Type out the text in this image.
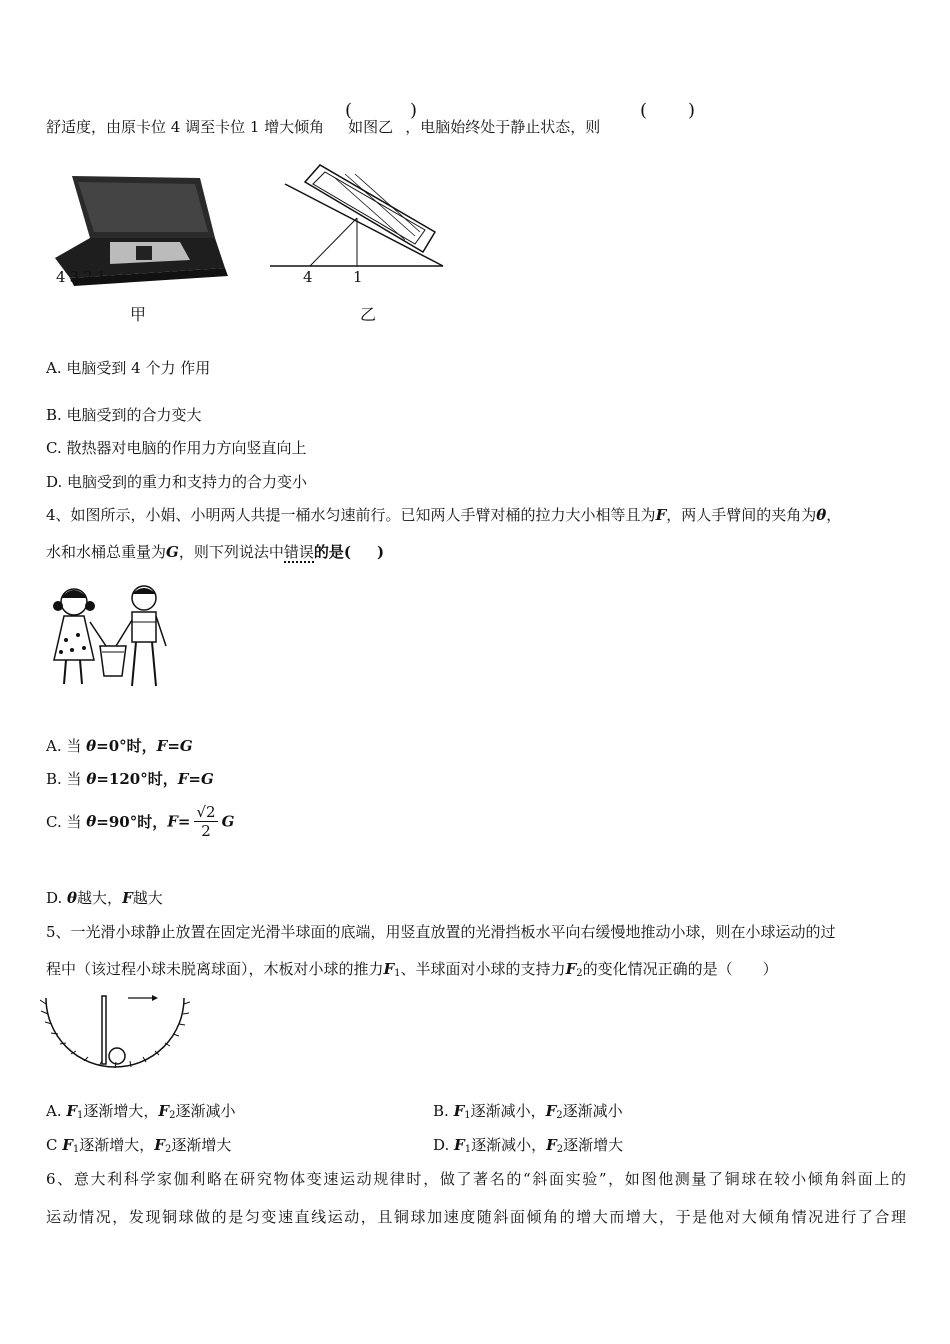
舒适度，由原卡位 4 调至卡位 1 增大倾角 如图乙 ，电脑始终处于静止状态，则
(	)	( )
4321
甲
4	1
乙
A. 电脑受到 4 个力 作用
B. 电脑受到的合力变大
C. 散热器对电脑的作用力方向竖直向上
D. 电脑受到的重力和支持力的合力变小
4、如图所示，小娟、小明两人共提一桶水匀速前行。已知两人手臂对桶的拉力大小相等且为F，两人手臂间的夹角为θ，
水和水桶总重量为G，则下列说法中错误的是( )
A. 当 θ=0°时，F=G
B. 当 θ=120°时，F=G
C. 当 θ=90°时，$F= \frac{√2}{2}$ G
D. θ越大，F越大
5、一光滑小球静止放置在固定光滑半球面的底端，用竖直放置的光滑挡板水平向右缓慢地推动小球，则在小球运动的过
程中（该过程小球未脱离球面），木板对小球的推力$F_1$、半球面对小球的支持力$F_2$的变化情况正确的是（ ）
A. $F_1$逐渐增大，$F_2$逐渐减小	B. $F_1$逐渐减小，$F_2$逐渐减小
C $F_1$逐渐增大，$F_2$逐渐增大	D. $F_1$逐渐减小，$F_2$逐渐增大
6、意大利科学家伽利略在研究物体变速运动规律时，做了著名的“斜面实验”，如图他测量了铜球在较小倾角斜面上的
运动情况，发现铜球做的是匀变速直线运动，且铜球加速度随斜面倾角的增大而增大，于是他对大倾角情况进行了合理
